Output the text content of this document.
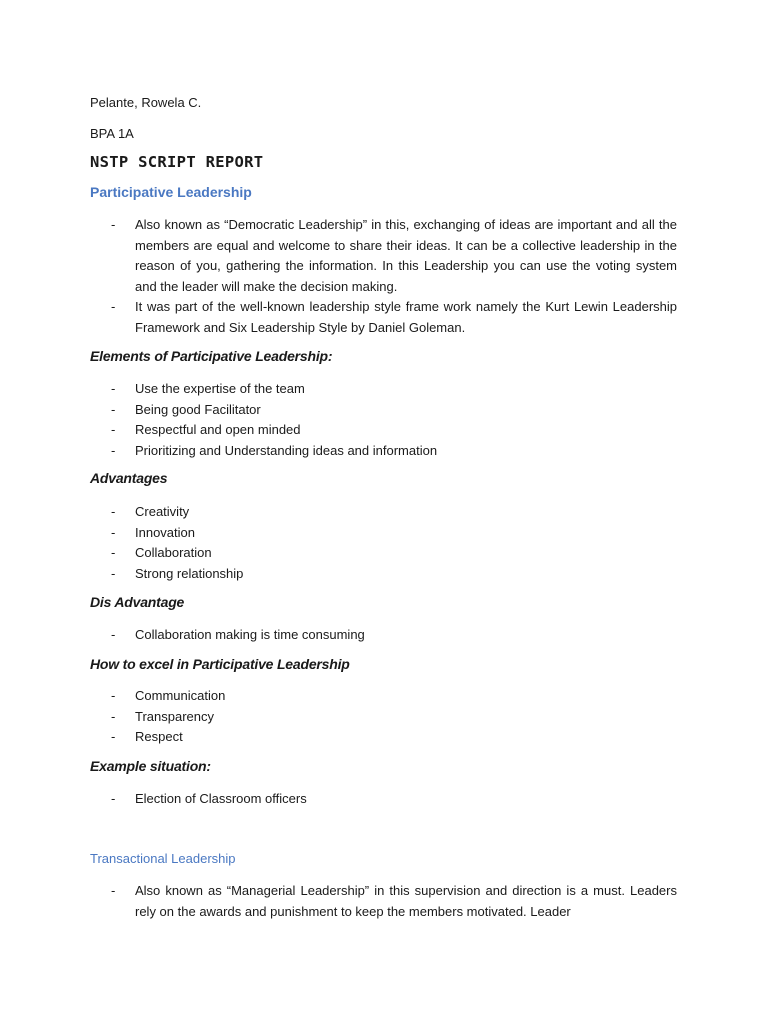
Pelante, Rowela C.
BPA 1A
NSTP SCRIPT REPORT
Participative Leadership
- Also known as “Democratic Leadership” in this, exchanging of ideas are important and all the members are equal and welcome to share their ideas. It can be a collective leadership in the reason of you, gathering the information. In this Leadership you can use the voting system and the leader will make the decision making.
- It was part of the well-known leadership style frame work namely the Kurt Lewin Leadership Framework and Six Leadership Style by Daniel Goleman.
Elements of Participative Leadership:
- Use the expertise of the team
- Being good Facilitator
- Respectful and open minded
- Prioritizing and Understanding ideas and information
Advantages
- Creativity
- Innovation
- Collaboration
- Strong relationship
Dis Advantage
- Collaboration making is time consuming
How to excel in Participative Leadership
- Communication
- Transparency
- Respect
Example situation:
- Election of Classroom officers
Transactional Leadership
- Also known as “Managerial Leadership” in this supervision and direction is a must. Leaders rely on the awards and punishment to keep the members motivated. Leader
